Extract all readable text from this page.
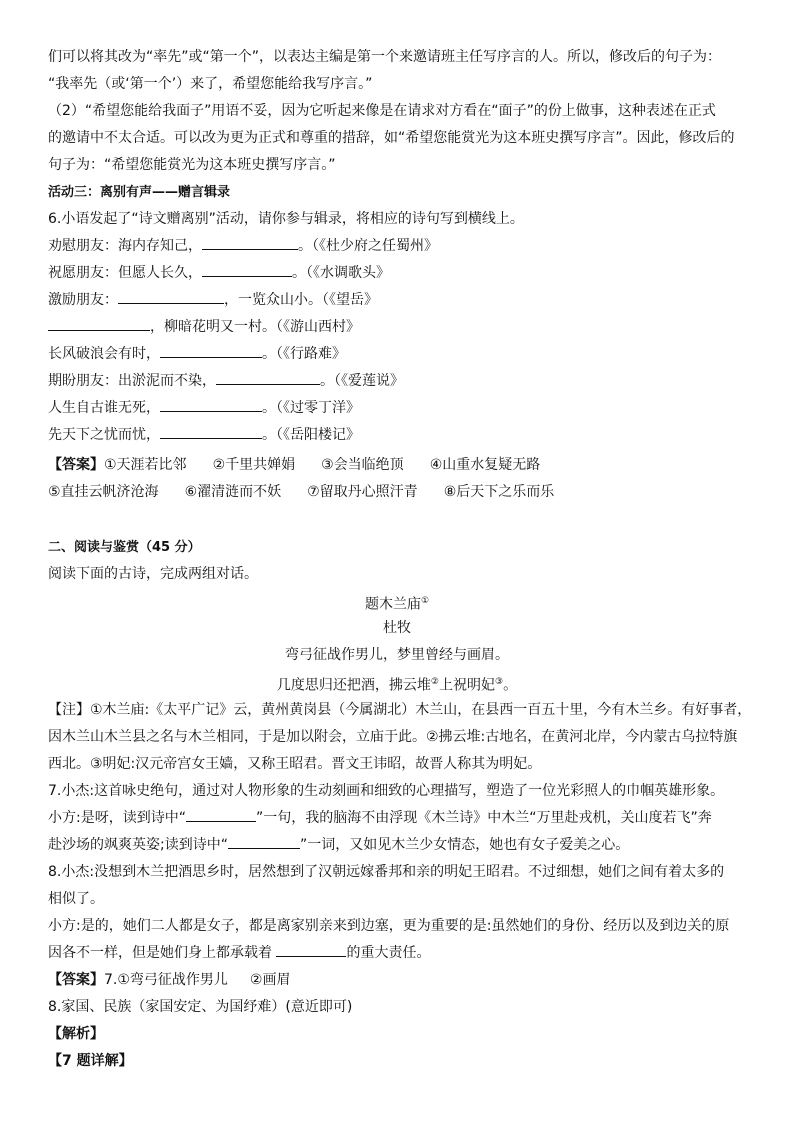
们可以将其改为“率先”或“第一个”，以表达主编是第一个来邀请班主任写序言的人。所以，修改后的句子为：
“我率先（或‘第一个’）来了，希望您能给我写序言。”
（2）“希望您能给我面子”用语不妥，因为它听起来像是在请求对方看在“面子”的份上做事，这种表述在正式
的邀请中不太合适。可以改为更为正式和尊重的措辞，如“希望您能赏光为这本班史撰写序言”。因此，修改后的
句子为：“希望您能赏光为这本班史撰写序言。”
活动三：离别有声——赠言辑录
6.小语发起了“诗文赠离别”活动，请你参与辑录，将相应的诗句写到横线上。
劝慰朋友：海内存知己，	。（《杜少府之任蜀州》
祝愿朋友：但愿人长久，	。（《水调歌头》
激励朋友：	，一览众山小。（《望岳》
，柳暗花明又一村。（《游山西村》
长风破浪会有时，	。（《行路难》
期盼朋友：出淤泥而不染，	。（《爱莲说》
人生自古谁无死，	。（《过零丁洋》
先天下之忧而忧，	。（《岳阳楼记》
【答案】①天涯若比邻 ②千里共婵娟 ③会当临绝顶 ④山重水复疑无路
⑤直挂云帆济沧海 ⑥濯清涟而不妖 ⑦留取丹心照汗青 ⑧后天下之乐而乐
二、阅读与鉴赏（45 分）
阅读下面的古诗，完成两组对话。
题木兰庙①
杜牧
弯弓征战作男儿，梦里曾经与画眉。
几度思归还把酒，拂云堆②上祝明妃③。
【注】①木兰庙:《太平广记》云，黄州黄岗县（今属湖北）木兰山，在县西一百五十里，今有木兰乡。有好事者，
因木兰山木兰县之名与木兰相同，于是加以附会，立庙于此。②拂云堆:古地名，在黄河北岸，今内蒙古乌拉特旗
西北。③明妃:汉元帝宫女王嫱，又称王昭君。晋文王讳昭，故晋人称其为明妃。
7.小杰:这首咏史绝句，通过对人物形象的生动刻画和细致的心理描写，塑造了一位光彩照人的巾帼英雄形象。
小方:是呀，读到诗中“	”一句，我的脑海不由浮现《木兰诗》中木兰“万里赴戎机，关山度若飞”奔
赴沙场的飒爽英姿;读到诗中“	”一词，又如见木兰少女情态，她也有女子爱美之心。
8.小杰:没想到木兰把酒思乡时，居然想到了汉朝远嫁番邦和亲的明妃王昭君。不过细想，她们之间有着太多的
相似了。
小方:是的，她们二人都是女子，都是离家别亲来到边塞，更为重要的是:虽然她们的身份、经历以及到边关的原
因各不一样，但是她们身上都承载着	的重大责任。
【答案】7.①弯弓征战作男儿 ②画眉
8.家国、民族（家国安定、为国纾难）(意近即可)
【解析】
【7 题详解】
